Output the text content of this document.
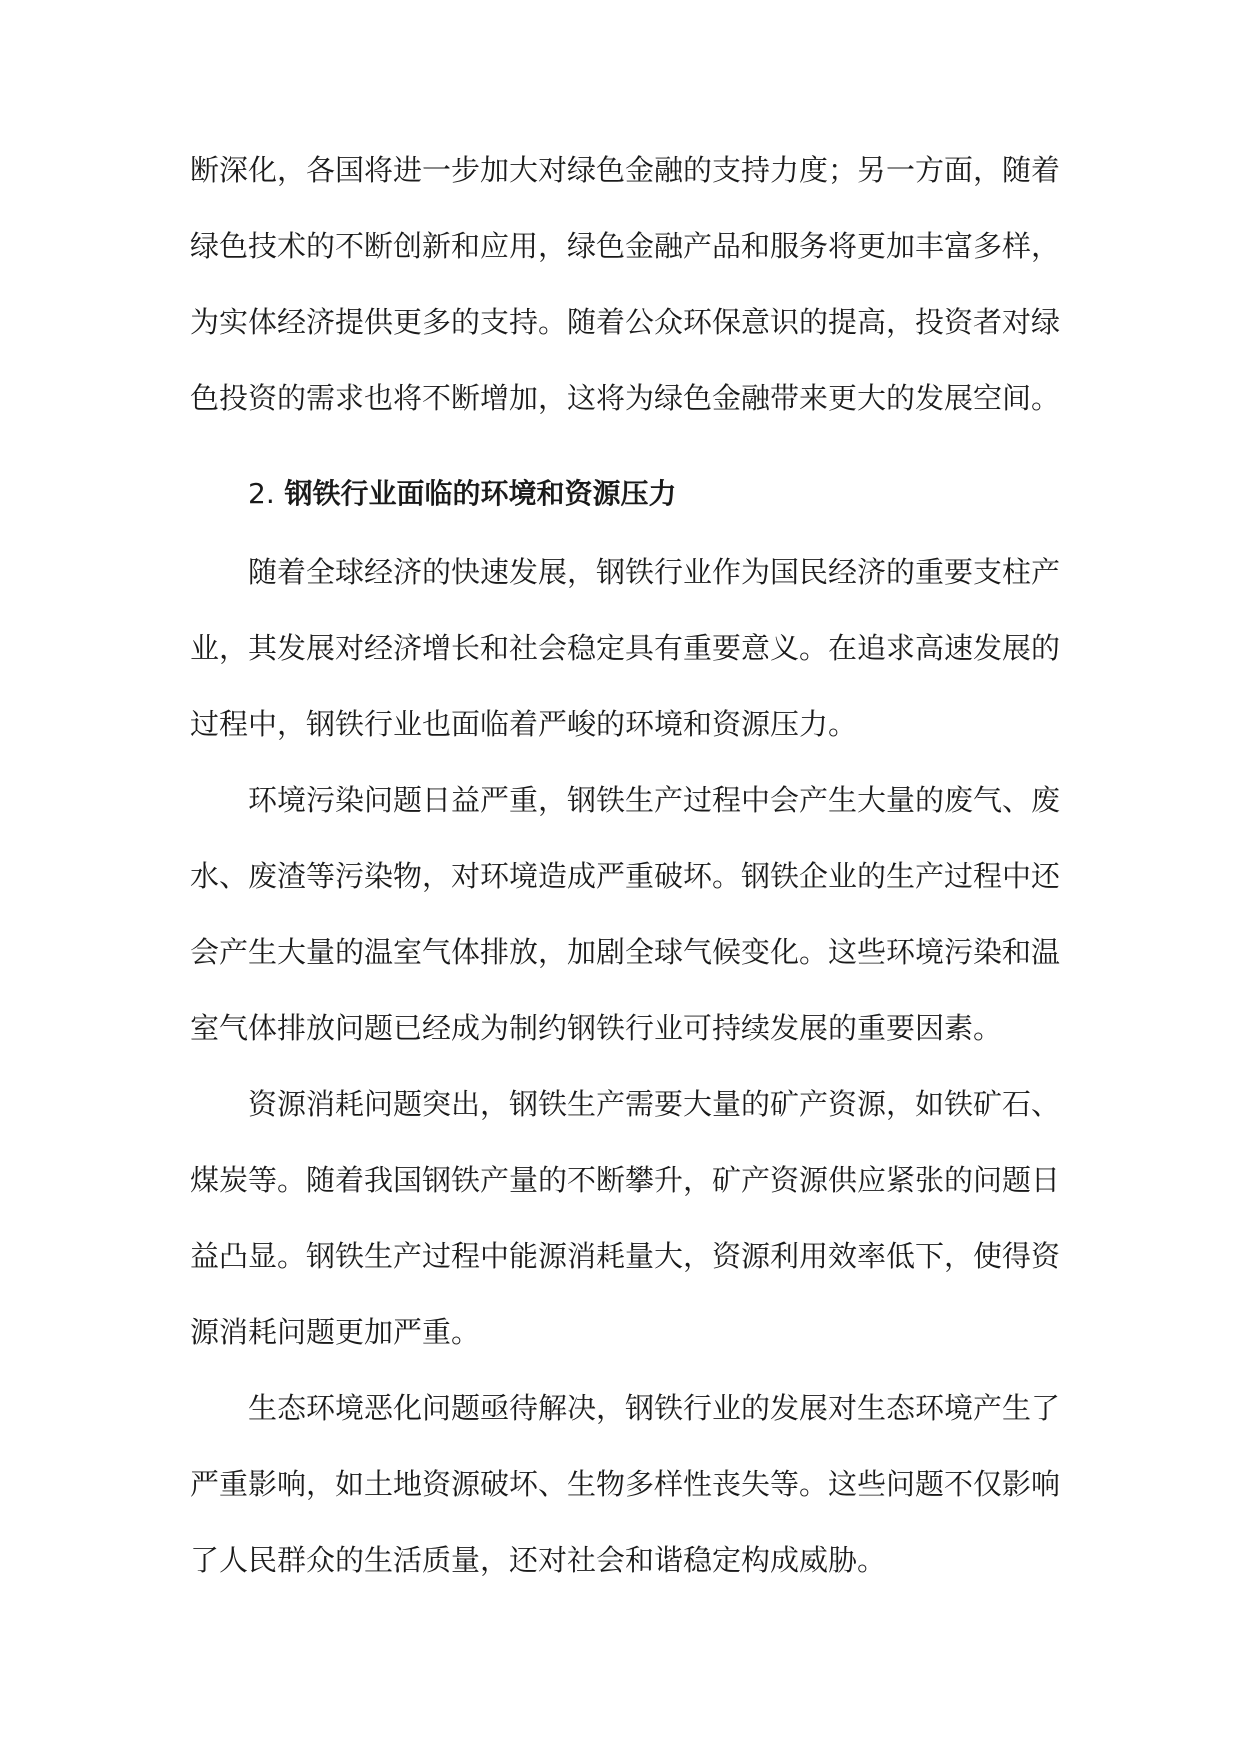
断深化，各国将进一步加大对绿色金融的支持力度；另一方面，随着绿色技术的不断创新和应用，绿色金融产品和服务将更加丰富多样，为实体经济提供更多的支持。随着公众环保意识的提高，投资者对绿色投资的需求也将不断增加，这将为绿色金融带来更大的发展空间。

2. 钢铁行业面临的环境和资源压力

随着全球经济的快速发展，钢铁行业作为国民经济的重要支柱产业，其发展对经济增长和社会稳定具有重要意义。在追求高速发展的过程中，钢铁行业也面临着严峻的环境和资源压力。

环境污染问题日益严重，钢铁生产过程中会产生大量的废气、废水、废渣等污染物，对环境造成严重破坏。钢铁企业的生产过程中还会产生大量的温室气体排放，加剧全球气候变化。这些环境污染和温室气体排放问题已经成为制约钢铁行业可持续发展的重要因素。

资源消耗问题突出，钢铁生产需要大量的矿产资源，如铁矿石、煤炭等。随着我国钢铁产量的不断攀升，矿产资源供应紧张的问题日益凸显。钢铁生产过程中能源消耗量大，资源利用效率低下，使得资源消耗问题更加严重。

生态环境恶化问题亟待解决，钢铁行业的发展对生态环境产生了严重影响，如土地资源破坏、生物多样性丧失等。这些问题不仅影响了人民群众的生活质量，还对社会和谐稳定构成威胁。
